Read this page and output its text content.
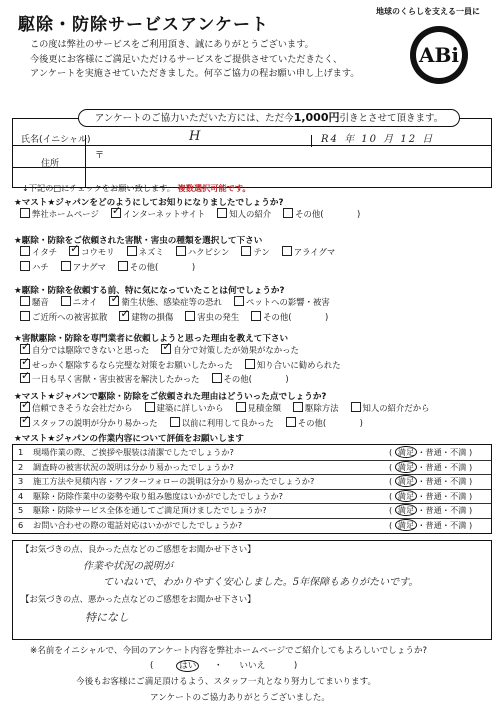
駆除・防除サービスアンケート
この度は弊社のサービスをご利用頂き、誠にありがとうございます。
今後更にお客様にご満足いただけるサービスをご提供させていただきたく、
アンケートを実施させていただきました。何卒ご協力の程お願い申し上げます。
地球のくらしを支える一員に
ABi
氏名(イニシャル)	H	R4 年 10 月 12 日
〒
住所
アンケートのご協力いただいた方には、ただ今1,000円引きとさせて頂きます。
↓下記の□にチェックをお願い致します。 複数選択可能です。
★マスト★ジャパンをどのようにしてお知りになりましたでしょうか?
弊社ホームページ ✓	インターネットサイト	知人の紹介	その他(　　　　)
★駆除・防除をご依頼された害獣・害虫の種類を選択して下さい
イタチ ✓	コウモリ	ネズミ	ハクビシン	テン	アライグマ
ハチ	アナグマ	その他(　　　　)
★駆除・防除を依頼する前、特に気になっていたことは何でしょうか?
騒音	ニオイ ✓	衛生状態、感染症等の恐れ	ペットへの影響・被害
ご近所への被害拡散 ✓	建物の損傷	害虫の発生	その他(　　　　)
★害獣駆除・防除を専門業者に依頼しようと思った理由を教えて下さい
✓自分では駆除できないと思った ✓	自分で対策したが効果がなかった
✓せっかく駆除するなら完璧な対策をお願いしたかった	知り合いに勧められた
✓一日も早く害獣・害虫被害を解決したかった	その他(　　　　)
★マスト★ジャパンで駆除・防除をご依頼された理由はどういった点でしょうか?
✓信頼できそうな会社だから	建築に詳しいから	見積金額	駆除方法	知人の紹介だから
✓スタッフの説明が分かり易かった	以前に利用して良かった	その他(　　　　)
★マスト★ジャパンの作業内容について評価をお願いします
1 現場作業の際、ご挨拶や服装は清潔でしたでしょうか?	( 満足 ・普通・不満 )
2 調査時の被害状況の説明は分かり易かったでしょうか?	( 満足 ・普通・不満 )
3 施工方法や見積内容・アフターフォローの説明は分かり易かったでしょうか?	( 満足 ・普通・不満 )
4 駆除・防除作業中の姿勢や取り組み態度はいかがでしたでしょうか?	( 満足 ・普通・不満 )
5 駆除・防除サービス全体を通してご満足頂けましたでしょうか?	( 満足 ・普通・不満 )
6 お問い合わせの際の電話対応はいかがでしたでしょうか?	( 満足 ・普通・不満 )
【お気づきの点、良かった点などのご感想をお聞かせ下さい】
作業や状況の説明が
ていねいで、わかりやすく安心しました。5年保障もありがたいです。
【お気づきの点、悪かった点などのご感想をお聞かせ下さい】
特になし
※名前をイニシャルで、今回のアンケート内容を弊社ホームページでご紹介してもよろしいでしょうか?
(	はい ・ いいえ	)
今後もお客様にご満足頂けるよう、スタッフ一丸となり努力してまいります。
アンケートのご協力ありがとうございました。
